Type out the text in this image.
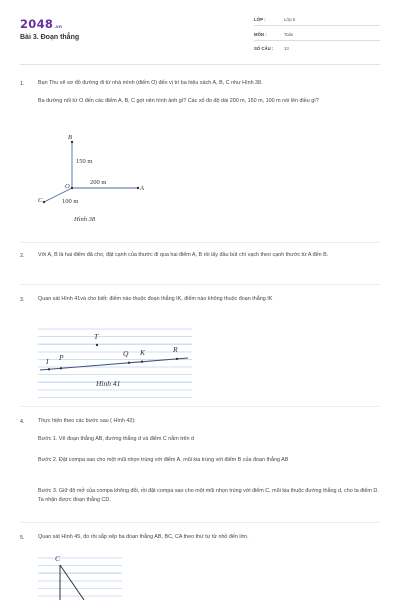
2048.vn
Bài 3. Đoạn thẳng
LỚP :	Lớp 6
MÔN :	Toán
SỐ CÂU : 13
1.	Bạn Thu vẽ sơ đồ đường đi từ nhà mình (điểm O) đến vị trí ba hiệu sách A, B, C như Hình 38.
Ba đường nối từ O đến các điểm A, B, C gợi nên hình ảnh gì? Các số đo độ dài 200 m, 150 m, 100 m nói lên điều gì?
B
150 m
200 m
O	A
C	100 m
Hình 38
2.	Với A, B là hai điểm đã cho, đặt cạnh của thước đi qua hai điểm A, B rồi lấy đầu bút chì vạch theo cạnh thước từ A đến B.
3.	Quan sát Hình 41và cho biết: điểm nào thuộc đoạn thẳng IK, điểm nào không thuộc đoạn thẳng IK
T
I P	Q K	R
Hình 41
4.	Thực hiện theo các bước sau ( Hình 42):
Bước 1. Vẽ đoạn thẳng AB, đường thẳng d và điểm C nằm trên d
Bước 2. Đặt compa sao cho một mũi nhọn trùng với điểm A, mũi kia trùng với điểm B của đoạn thẳng AB
Bước 3. Giữ độ mở của compa không đổi, rồi đặt compa sao cho một mũi nhọn trùng với điểm C, mũi kia thuộc đường thẳng d, cho ta điểm D. Ta nhận được đoạn thẳng CD.
5.	Quan sát Hình 45, đo rồi sắp xếp ba đoạn thẳng AB, BC, CA theo thứ tự từ nhỏ đến lớn.
C
